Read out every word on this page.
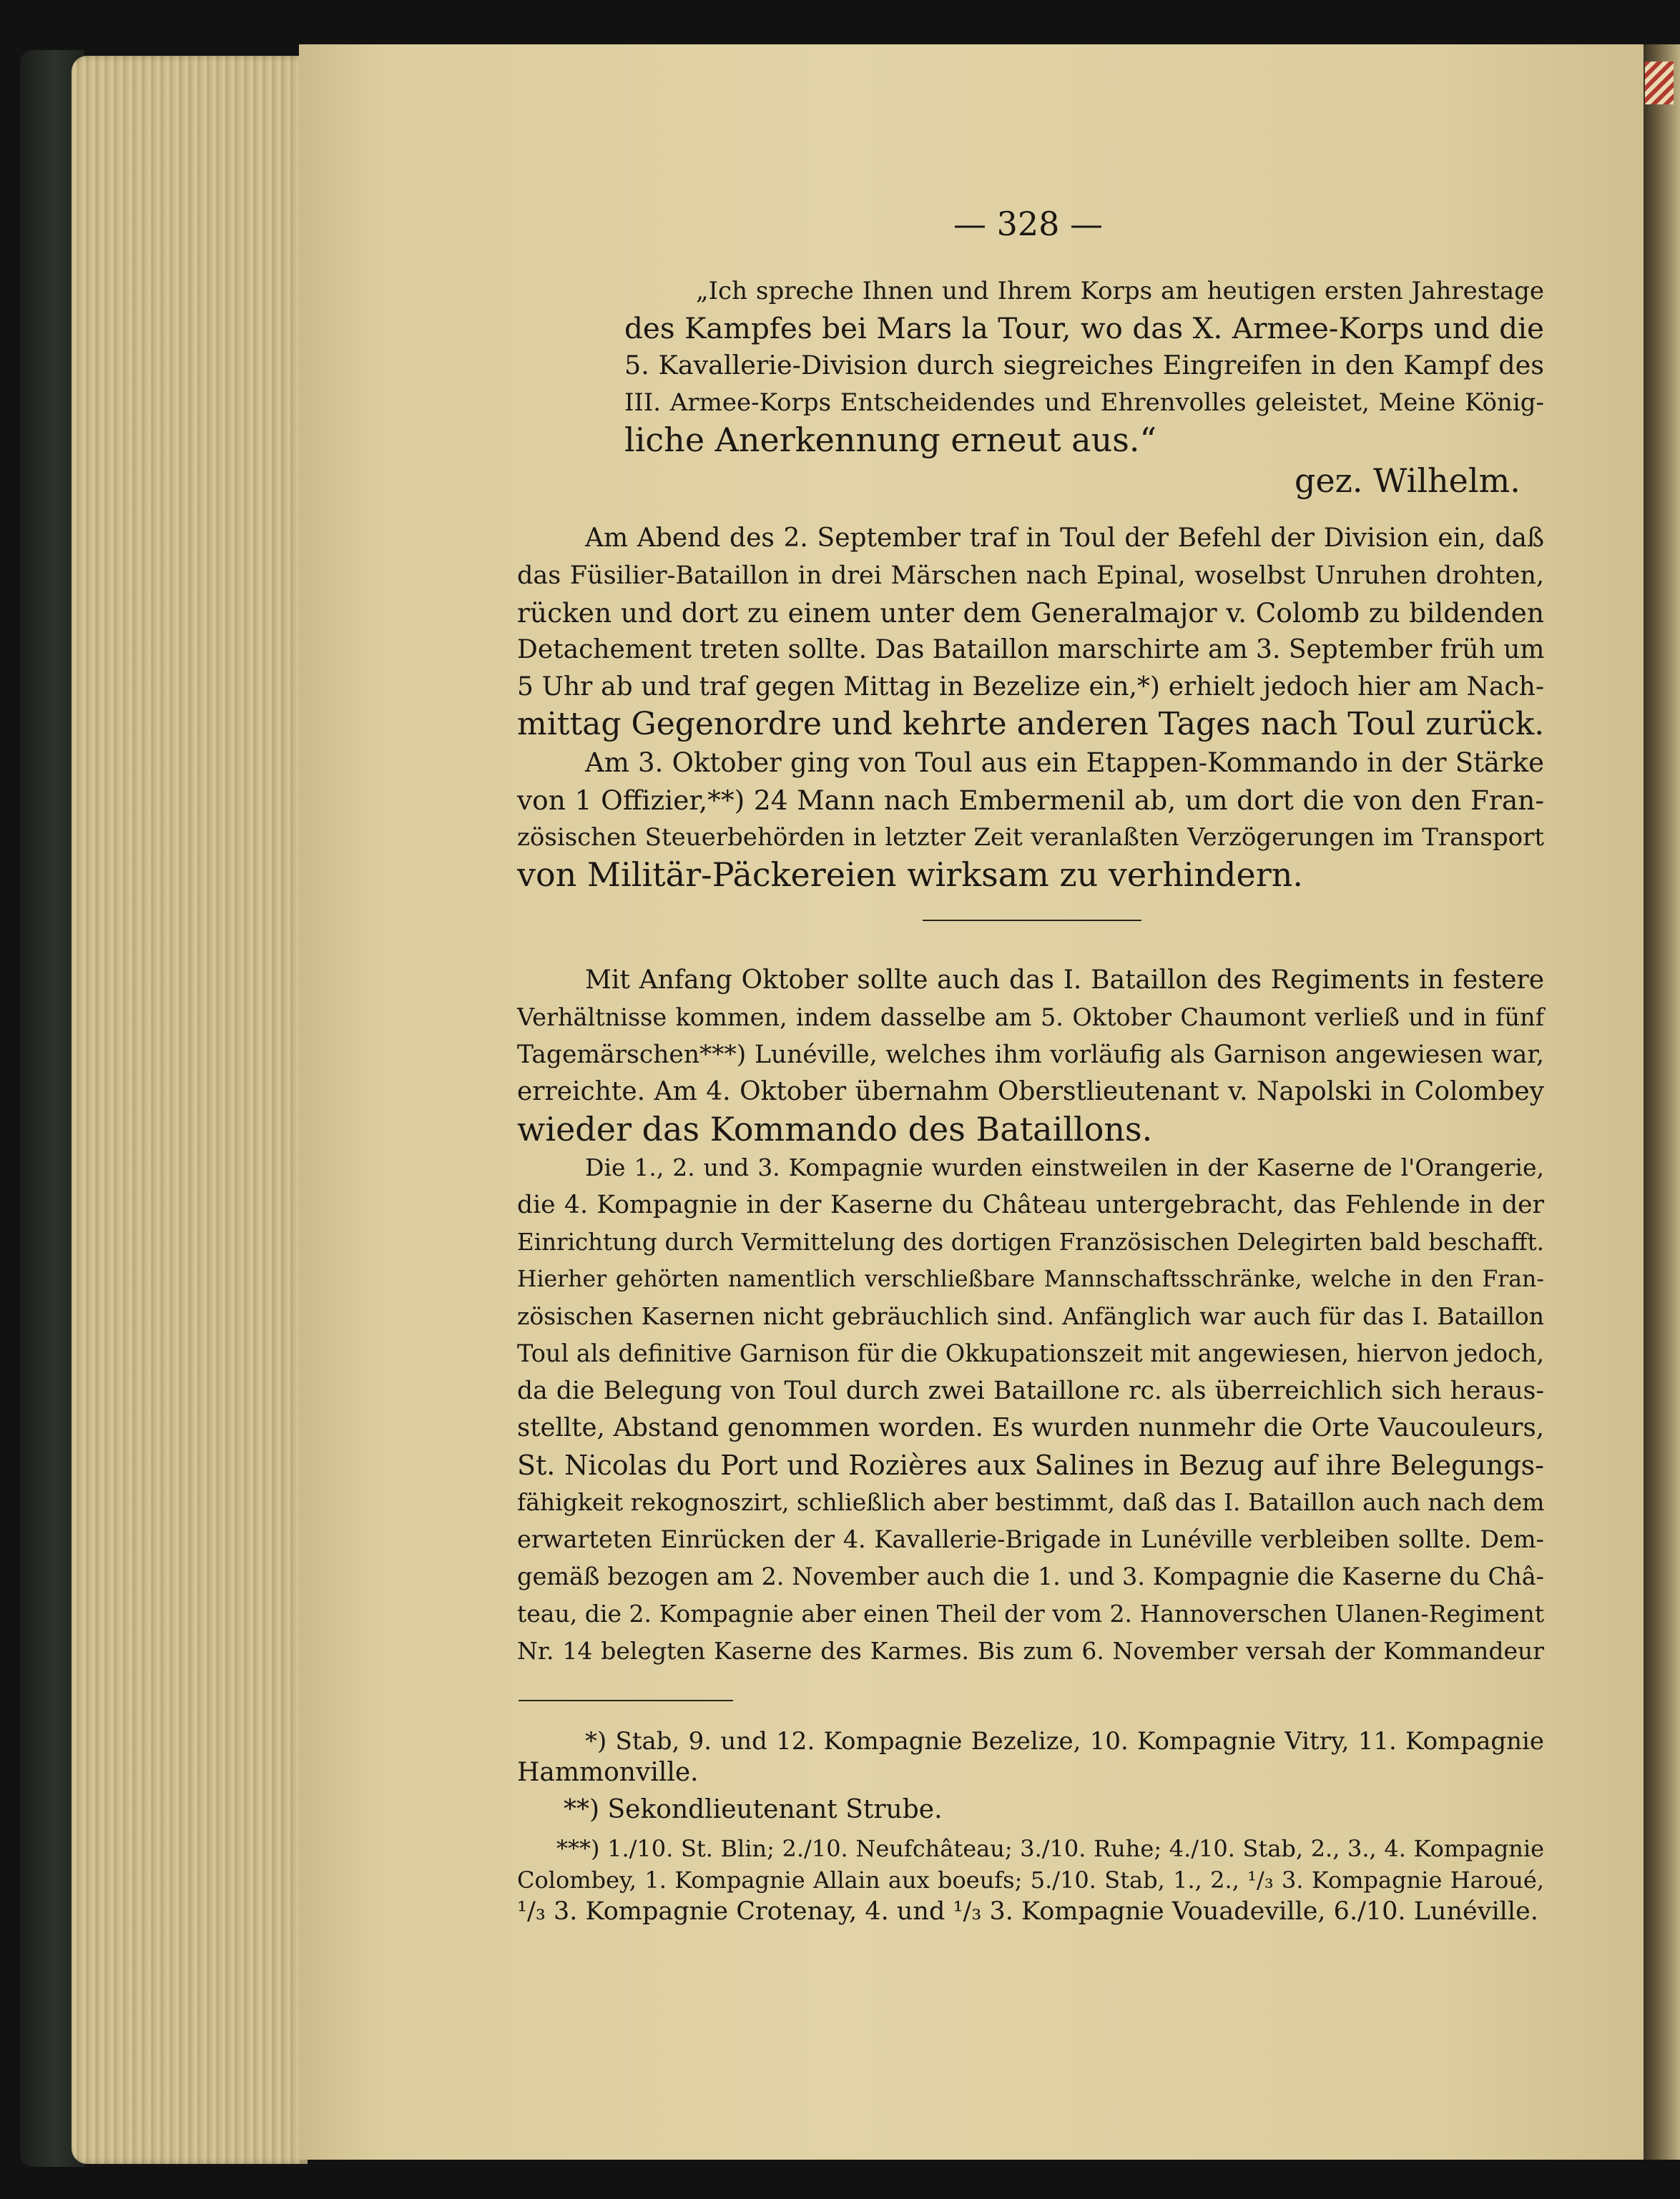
— 328 —
„Ich spreche Ihnen und Ihrem Korps am heutigen ersten Jahrestage
des Kampfes bei Mars la Tour, wo das X. Armee-Korps und die
5. Kavallerie-Division durch siegreiches Eingreifen in den Kampf des
III. Armee-Korps Entscheidendes und Ehrenvolles geleistet, Meine König-
liche Anerkennung erneut aus.“
gez. Wilhelm.
Am Abend des 2. September traf in Toul der Befehl der Division ein, daß
das Füsilier-Bataillon in drei Märschen nach Epinal, woselbst Unruhen drohten,
rücken und dort zu einem unter dem Generalmajor v. Colomb zu bildenden
Detachement treten sollte. Das Bataillon marschirte am 3. September früh um
5 Uhr ab und traf gegen Mittag in Bezelize ein,*) erhielt jedoch hier am Nach-
mittag Gegenordre und kehrte anderen Tages nach Toul zurück.
Am 3. Oktober ging von Toul aus ein Etappen-Kommando in der Stärke
von 1 Offizier,**) 24 Mann nach Embermenil ab, um dort die von den Fran-
zösischen Steuerbehörden in letzter Zeit veranlaßten Verzögerungen im Transport
von Militär-Päckereien wirksam zu verhindern.
Mit Anfang Oktober sollte auch das I. Bataillon des Regiments in festere
Verhältnisse kommen, indem dasselbe am 5. Oktober Chaumont verließ und in fünf
Tagemärschen***) Lunéville, welches ihm vorläufig als Garnison angewiesen war,
erreichte. Am 4. Oktober übernahm Oberstlieutenant v. Napolski in Colombey
wieder das Kommando des Bataillons.
Die 1., 2. und 3. Kompagnie wurden einstweilen in der Kaserne de l'Orangerie,
die 4. Kompagnie in der Kaserne du Château untergebracht, das Fehlende in der
Einrichtung durch Vermittelung des dortigen Französischen Delegirten bald beschafft.
Hierher gehörten namentlich verschließbare Mannschaftsschränke, welche in den Fran-
zösischen Kasernen nicht gebräuchlich sind. Anfänglich war auch für das I. Bataillon
Toul als definitive Garnison für die Okkupationszeit mit angewiesen, hiervon jedoch,
da die Belegung von Toul durch zwei Bataillone rc. als überreichlich sich heraus-
stellte, Abstand genommen worden. Es wurden nunmehr die Orte Vaucouleurs,
St. Nicolas du Port und Rozières aux Salines in Bezug auf ihre Belegungs-
fähigkeit rekognoszirt, schließlich aber bestimmt, daß das I. Bataillon auch nach dem
erwarteten Einrücken der 4. Kavallerie-Brigade in Lunéville verbleiben sollte. Dem-
gemäß bezogen am 2. November auch die 1. und 3. Kompagnie die Kaserne du Châ-
teau, die 2. Kompagnie aber einen Theil der vom 2. Hannoverschen Ulanen-Regiment
Nr. 14 belegten Kaserne des Karmes. Bis zum 6. November versah der Kommandeur
*) Stab, 9. und 12. Kompagnie Bezelize, 10. Kompagnie Vitry, 11. Kompagnie
Hammonville.
**) Sekondlieutenant Strube.
***) 1./10. St. Blin; 2./10. Neufchâteau; 3./10. Ruhe; 4./10. Stab, 2., 3., 4. Kompagnie
Colombey, 1. Kompagnie Allain aux boeufs; 5./10. Stab, 1., 2., ¹/₃ 3. Kompagnie Haroué,
¹/₃ 3. Kompagnie Crotenay, 4. und ¹/₃ 3. Kompagnie Vouadeville, 6./10. Lunéville.
